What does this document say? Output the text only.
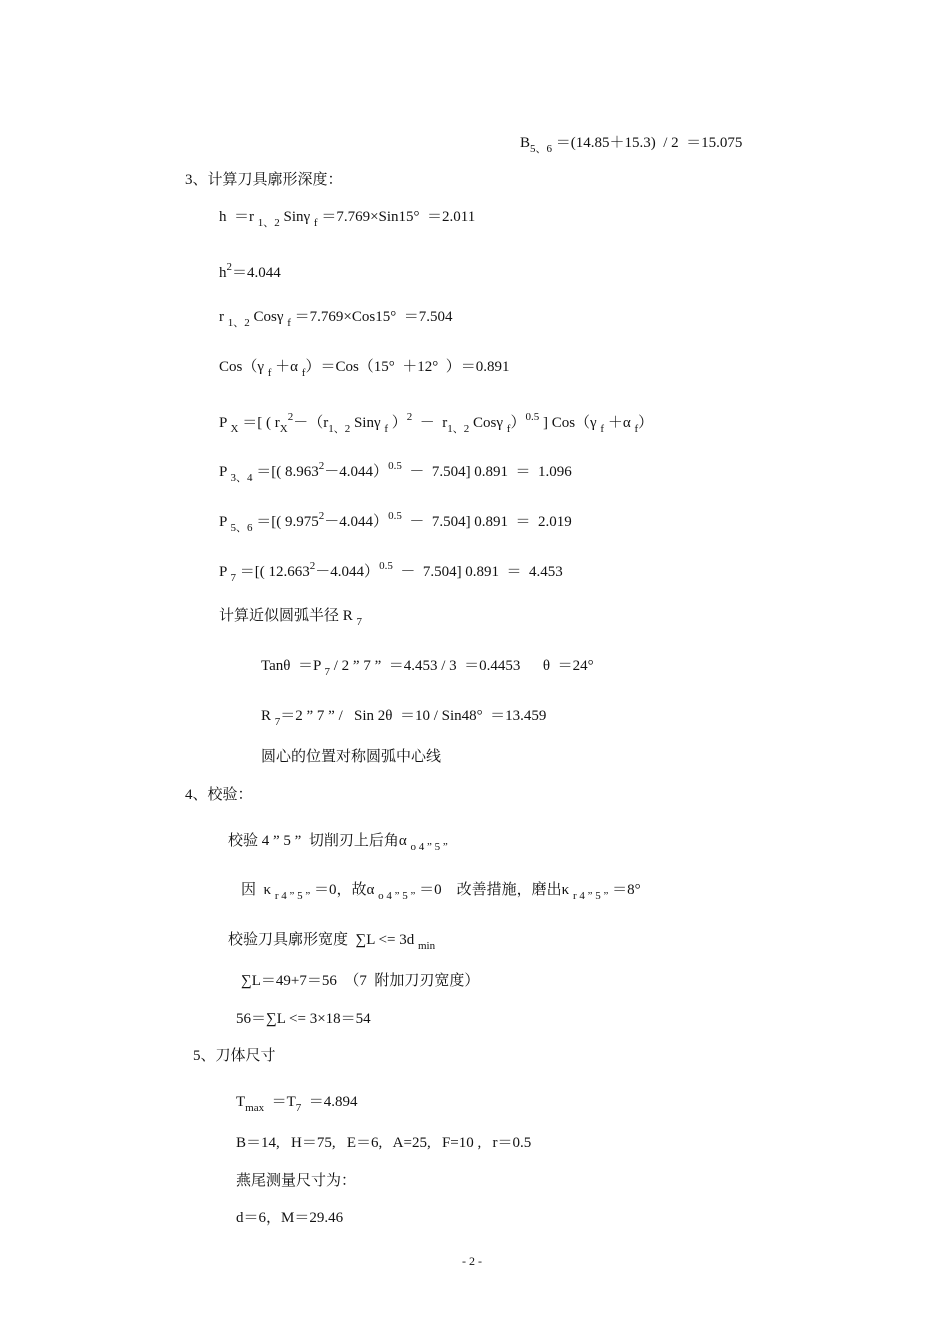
$B_{5、6} =(14.85+15.3) / 2 =15.075$
3、计算刀具廓形深度：
h  ＝r $_{1、2}$ Sinγ $_f$ ＝7.769×Sin15°  ＝2.011
$h^2=4.044$
r $_{1、2}$ Cosγ $_f$ ＝7.769×Cos15°  ＝7.504
Cos（γ $_f$ ＋α $_f$）＝Cos（15°  ＋12°  ）＝0.891
P $_X$ ＝[ ( $r_X^2-(r_{1、2}$ Sinγ $_f$ ）$^2 - r_{1、2}$ Cosγ $_f$）$^{0.5}$ ] Cos（γ $_f$ ＋α $_f$）
P $_{3、4}$ ＝[( $8.963^2-4.044)^{0.5} - 7.504$] 0.891  ＝  1.096
P $_{5、6}$ ＝[( $9.975^2-4.044)^{0.5} - 7.504$] 0.891  ＝  2.019
P $_7$ ＝[( $12.663^2-4.044)^{0.5} - 7.504$] 0.891  ＝  4.453
计算近似圆弧半径 R $_7$
Tanθ  ＝P $_7$ / 2 ” 7 ”  ＝4.453 / 3  ＝0.4453      θ  ＝24°
R $_7$＝2 ” 7 ” /   Sin 2θ  ＝10 / Sin48°  ＝13.459
圆心的位置对称圆弧中心线
4、校验：
校验 4 ” 5 ”  切削刃上后角α $_{o 4 ” 5 ”}$
因  κ $_{r 4 ” 5 ”}$ ＝0，故α $_{o 4 ” 5 ”}$ ＝0    改善措施，磨出κ $_{r 4 ” 5 ”}$ ＝8°
校验刀具廓形宽度  ∑L <= 3d $_{min}$
∑L＝49+7＝56  （7  附加刀刃宽度）
56＝∑L <= 3×18＝54
5、刀体尺寸
$T_{max} =T_7 =4.894$
B＝14,   H＝75,   E＝6,   A=25,   F=10 ,   r＝0.5
燕尾测量尺寸为：
d＝6，M＝29.46
- 2 -
